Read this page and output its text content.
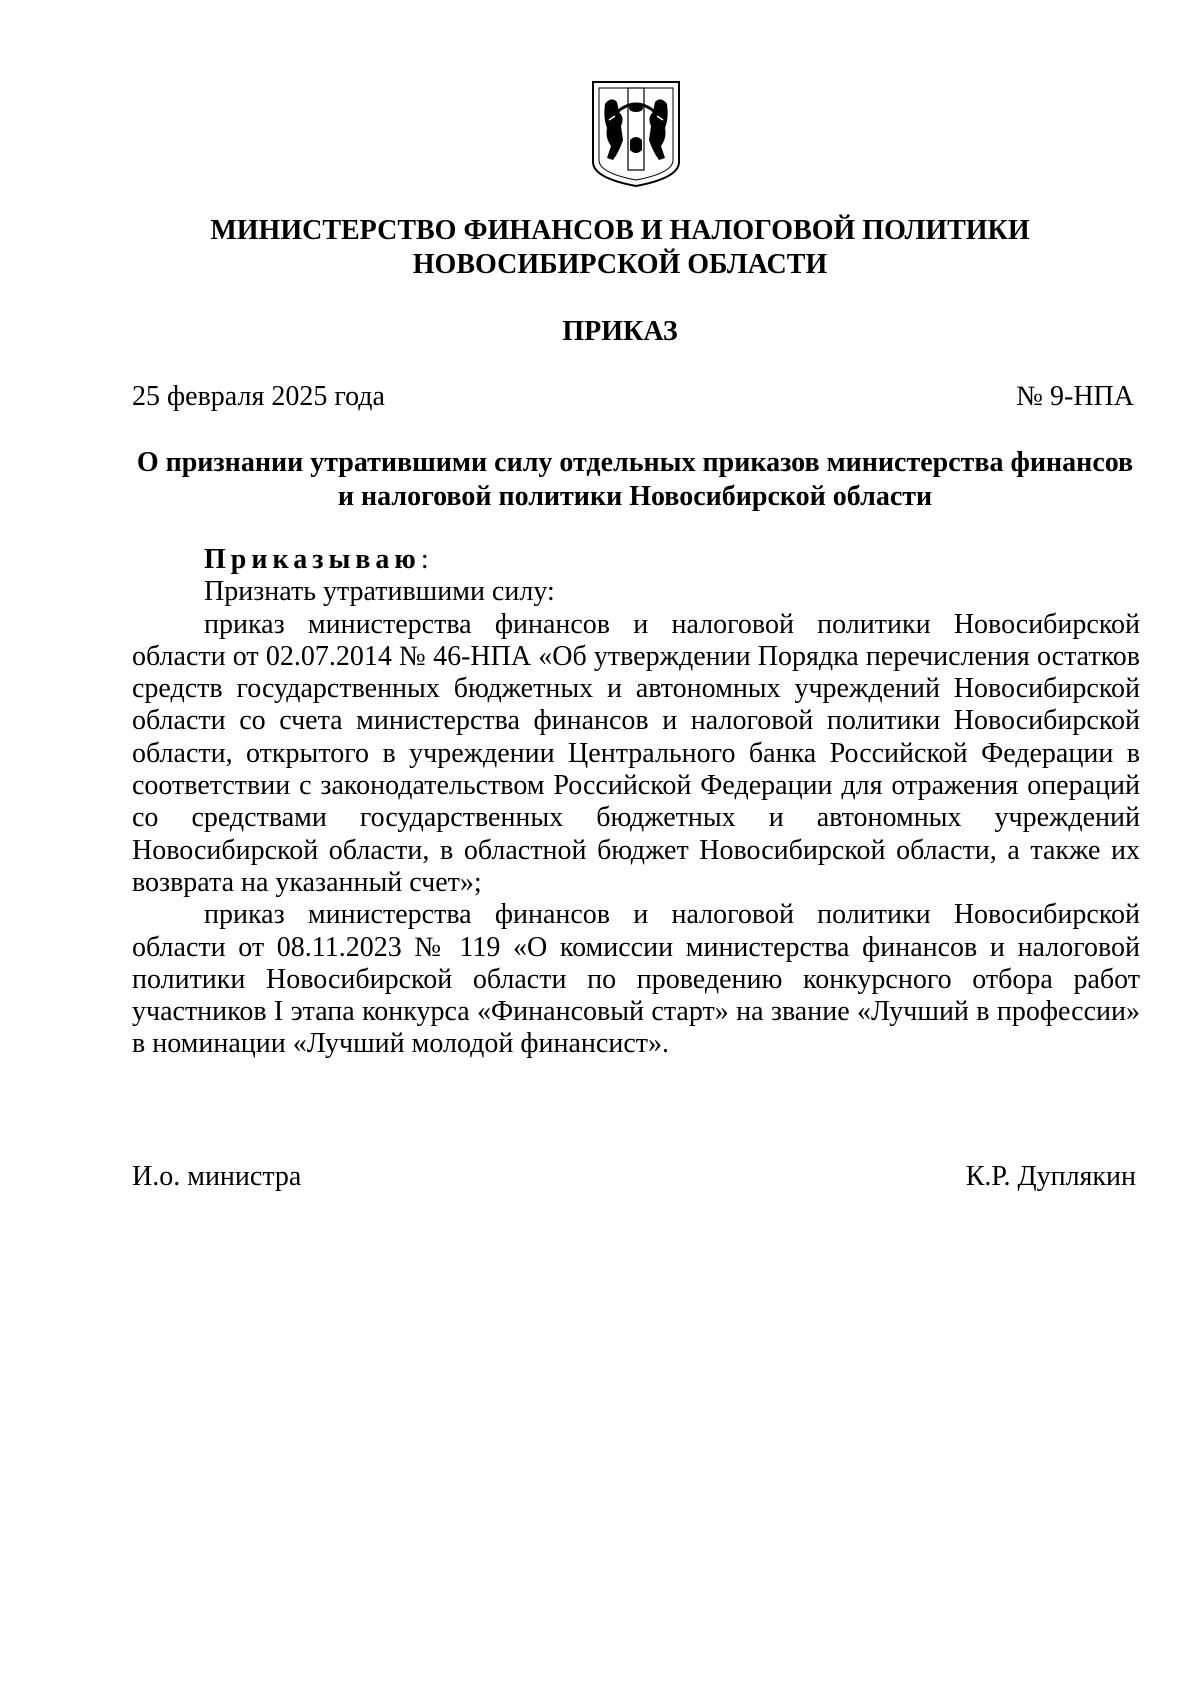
МИНИСТЕРСТВО ФИНАНСОВ И НАЛОГОВОЙ ПОЛИТИКИ
НОВОСИБИРСКОЙ ОБЛАСТИ
ПРИКАЗ
25 февраля 2025 года	№ 9-НПА
О признании утратившими силу отдельных приказов министерства финансов
и налоговой политики Новосибирской области

Приказываю:

Признать утратившими силу:

приказ министерства финансов и налоговой политики Новосибирской области от 02.07.2014 № 46-НПА «Об утверждении Порядка перечисления остатков средств государственных бюджетных и автономных учреждений Новосибирской области со счета министерства финансов и налоговой политики Новосибирской области, открытого в учреждении Центрального банка Российской Федерации в соответствии с законодательством Российской Федерации для отражения операций со средствами государственных бюджетных и автономных учреждений Новосибирской области, в областной бюджет Новосибирской области, а также их возврата на указанный счет»;

приказ министерства финансов и налоговой политики Новосибирской области от 08.11.2023 № 119 «О комиссии министерства финансов и налоговой политики Новосибирской области по проведению конкурсного отбора работ участников I этапа конкурса «Финансовый старт» на звание «Лучший в профессии» в номинации «Лучший молодой финансист».

И.о. министра	К.Р. Дуплякин
